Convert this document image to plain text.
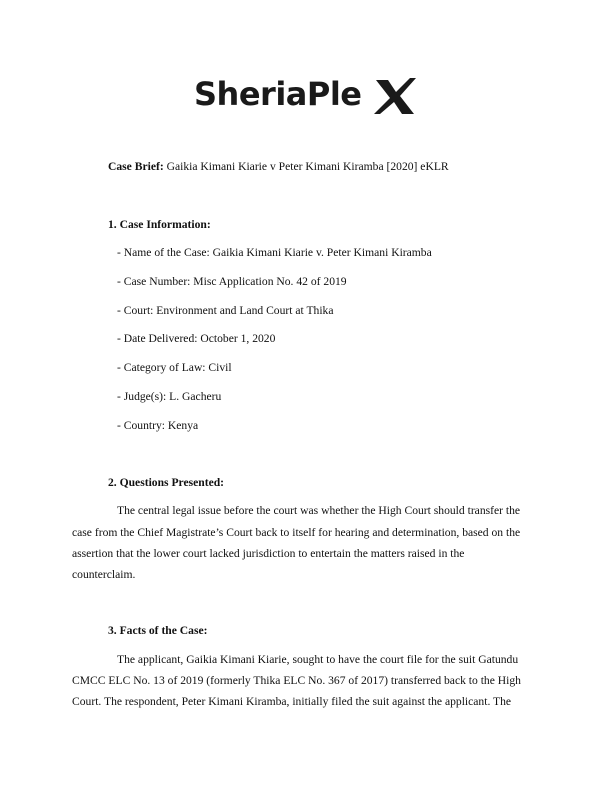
SheriaPle
Case Brief: Gaikia Kimani Kiarie v Peter Kimani Kiramba [2020] eKLR
1. Case Information:
- Name of the Case: Gaikia Kimani Kiarie v. Peter Kimani Kiramba
- Case Number: Misc Application No. 42 of 2019
- Court: Environment and Land Court at Thika
- Date Delivered: October 1, 2020
- Category of Law: Civil
- Judge(s): L. Gacheru
- Country: Kenya
2. Questions Presented:
The central legal issue before the court was whether the High Court should transfer the
case from the Chief Magistrate’s Court back to itself for hearing and determination, based on the
assertion that the lower court lacked jurisdiction to entertain the matters raised in the
counterclaim.
3. Facts of the Case:
The applicant, Gaikia Kimani Kiarie, sought to have the court file for the suit Gatundu
CMCC ELC No. 13 of 2019 (formerly Thika ELC No. 367 of 2017) transferred back to the High
Court. The respondent, Peter Kimani Kiramba, initially filed the suit against the applicant. The
